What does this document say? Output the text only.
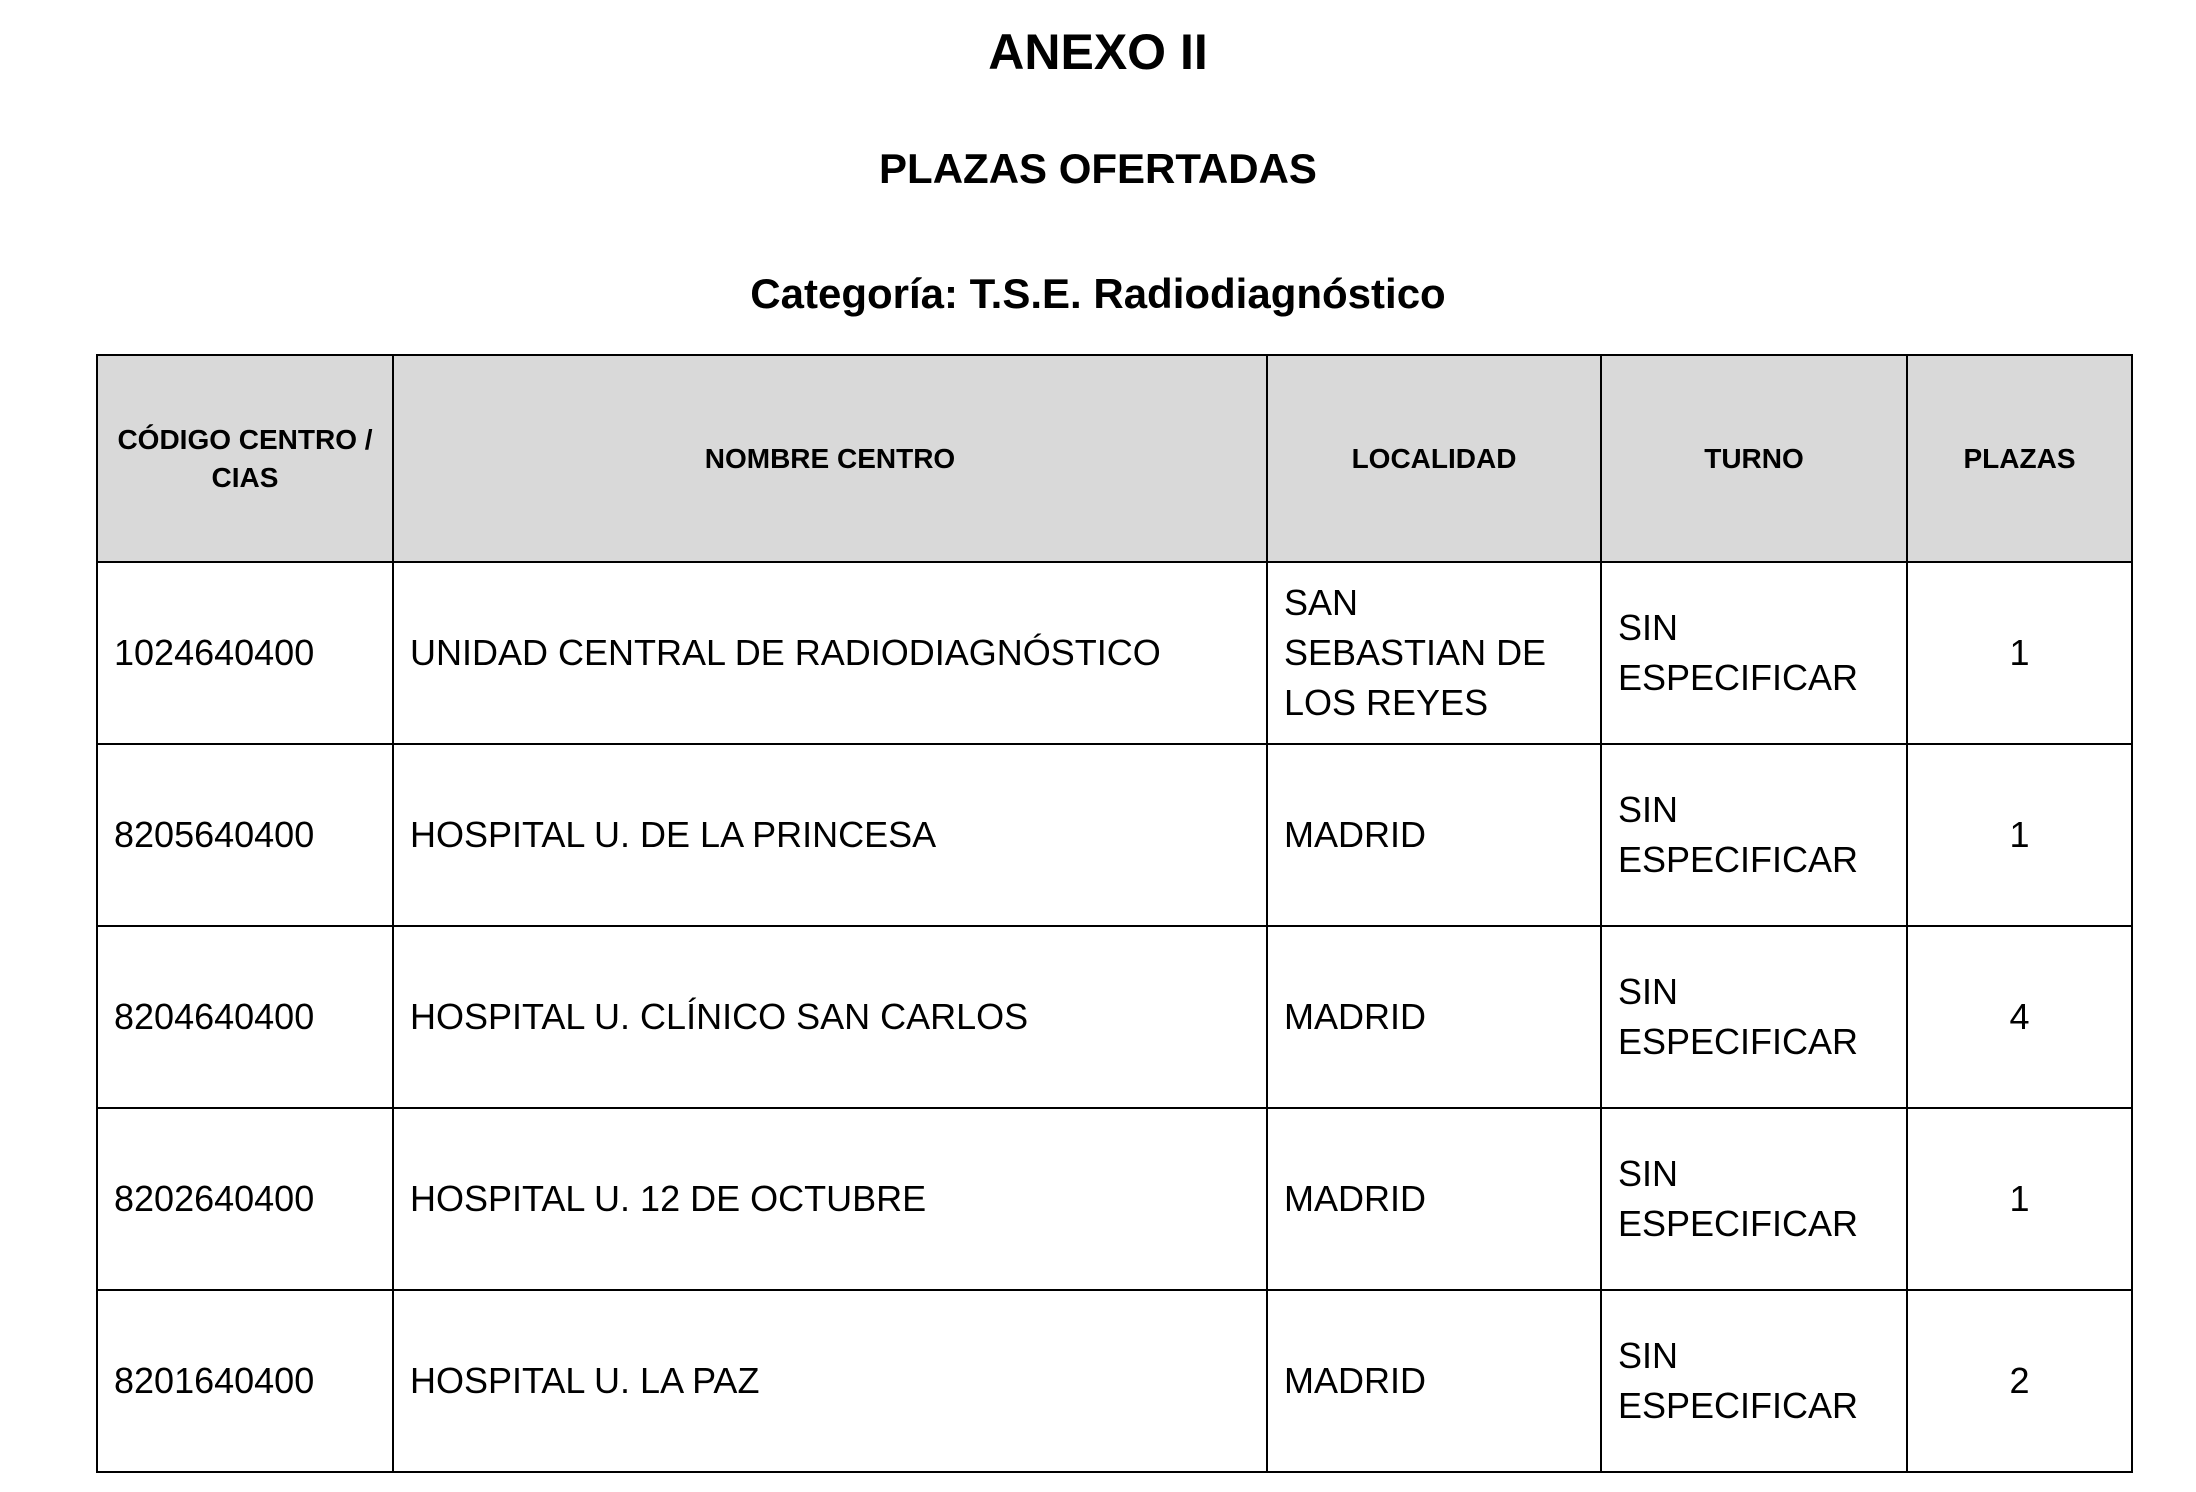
ANEXO II
PLAZAS OFERTADAS
Categoría: T.S.E. Radiodiagnóstico
CÓDIGO CENTRO / CIAS	NOMBRE CENTRO	LOCALIDAD	TURNO	PLAZAS
1024640400	UNIDAD CENTRAL DE RADIODIAGNÓSTICO	SAN SEBASTIAN DE LOS REYES	SIN ESPECIFICAR	1
8205640400	HOSPITAL U. DE LA PRINCESA	MADRID	SIN ESPECIFICAR	1
8204640400	HOSPITAL U. CLÍNICO SAN CARLOS	MADRID	SIN ESPECIFICAR	4
8202640400	HOSPITAL U. 12 DE OCTUBRE	MADRID	SIN ESPECIFICAR	1
8201640400	HOSPITAL U. LA PAZ	MADRID	SIN ESPECIFICAR	2
